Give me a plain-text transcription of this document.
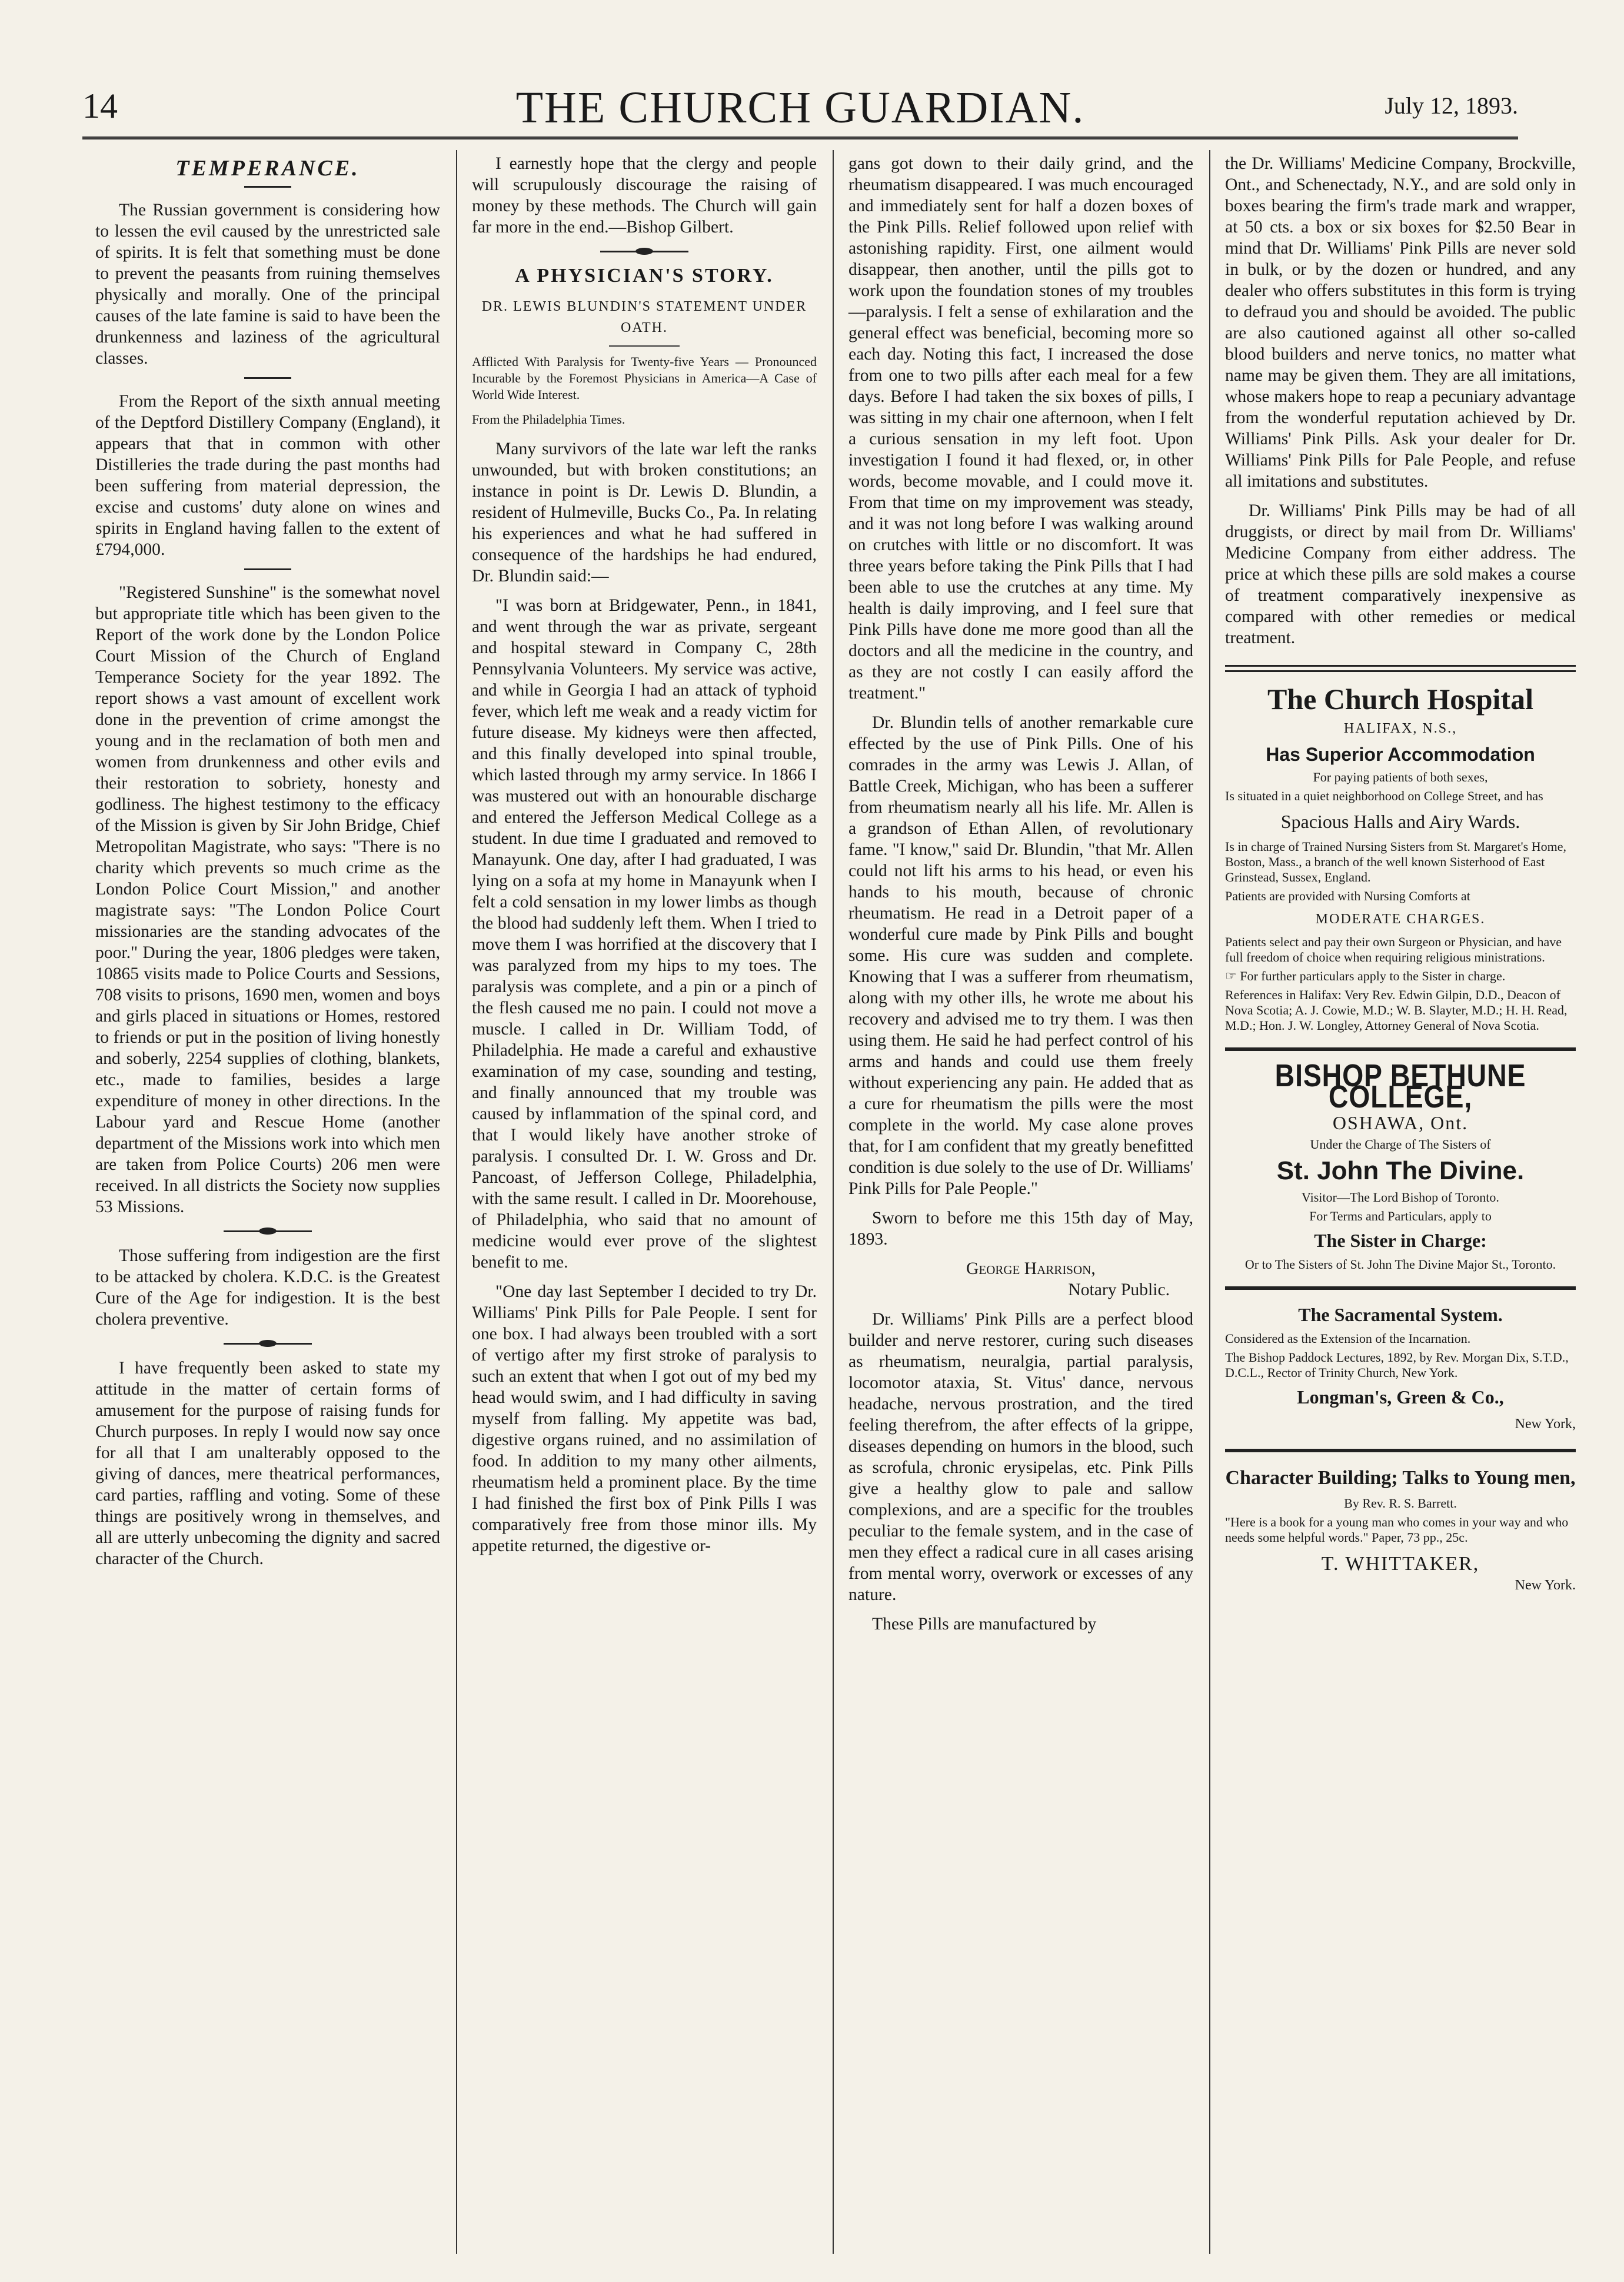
14	THE CHURCH GUARDIAN.	July 12, 1893.
TEMPERANCE.

The Russian government is considering how to lessen the evil caused by the unrestricted sale of spirits. It is felt that something must be done to prevent the peasants from ruining themselves physically and morally. One of the principal causes of the late famine is said to have been the drunkenness and laziness of the agricultural classes.

From the Report of the sixth annual meeting of the Deptford Distillery Company (England), it appears that that in common with other Distilleries the trade during the past months had been suffering from material depression, the excise and customs' duty alone on wines and spirits in England having fallen to the extent of £794,000.

"Registered Sunshine" is the somewhat novel but appropriate title which has been given to the Report of the work done by the London Police Court Mission of the Church of England Temperance Society for the year 1892. The report shows a vast amount of excellent work done in the prevention of crime amongst the young and in the reclamation of both men and women from drunkenness and other evils and their restoration to sobriety, honesty and godliness. The highest testimony to the efficacy of the Mission is given by Sir John Bridge, Chief Metropolitan Magistrate, who says: "There is no charity which prevents so much crime as the London Police Court Mission," and another magistrate says: "The London Police Court missionaries are the standing advocates of the poor." During the year, 1806 pledges were taken, 10865 visits made to Police Courts and Sessions, 708 visits to prisons, 1690 men, women and boys and girls placed in situations or Homes, restored to friends or put in the position of living honestly and soberly, 2254 supplies of clothing, blankets, etc., made to families, besides a large expenditure of money in other directions. In the Labour yard and Rescue Home (another department of the Missions work into which men are taken from Police Courts) 206 men were received. In all districts the Society now supplies 53 Missions.

Those suffering from indigestion are the first to be attacked by cholera. K.D.C. is the Greatest Cure of the Age for indigestion. It is the best cholera preventive.

I have frequently been asked to state my attitude in the matter of certain forms of amusement for the purpose of raising funds for Church purposes. In reply I would now say once for all that I am unalterably opposed to the giving of dances, mere theatrical performances, card parties, raffling and voting. Some of these things are positively wrong in themselves, and all are utterly unbecoming the dignity and sacred character of the Church.

I earnestly hope that the clergy and people will scrupulously discourage the raising of money by these methods. The Church will gain far more in the end.—Bishop Gilbert.

A PHYSICIAN'S STORY.
DR. LEWIS BLUNDIN'S STATEMENT UNDER OATH.

Afflicted With Paralysis for Twenty-five Years — Pronounced Incurable by the Foremost Physicians in America—A Case of World Wide Interest.

From the Philadelphia Times.

Many survivors of the late war left the ranks unwounded, but with broken constitutions; an instance in point is Dr. Lewis D. Blundin, a resident of Hulmeville, Bucks Co., Pa. In relating his experiences and what he had suffered in consequence of the hardships he had endured, Dr. Blundin said:—

"I was born at Bridgewater, Penn., in 1841, and went through the war as private, sergeant and hospital steward in Company C, 28th Pennsylvania Volunteers. My service was active, and while in Georgia I had an attack of typhoid fever, which left me weak and a ready victim for future disease. My kidneys were then affected, and this finally developed into spinal trouble, which lasted through my army service. In 1866 I was mustered out with an honourable discharge and entered the Jefferson Medical College as a student. In due time I graduated and removed to Manayunk. One day, after I had graduated, I was lying on a sofa at my home in Manayunk when I felt a cold sensation in my lower limbs as though the blood had suddenly left them. When I tried to move them I was horrified at the discovery that I was paralyzed from my hips to my toes. The paralysis was complete, and a pin or a pinch of the flesh caused me no pain. I could not move a muscle. I called in Dr. William Todd, of Philadelphia. He made a careful and exhaustive examination of my case, sounding and testing, and finally announced that my trouble was caused by inflammation of the spinal cord, and that I would likely have another stroke of paralysis. I consulted Dr. I. W. Gross and Dr. Pancoast, of Jefferson College, Philadelphia, with the same result. I called in Dr. Moorehouse, of Philadelphia, who said that no amount of medicine would ever prove of the slightest benefit to me.

"One day last September I decided to try Dr. Williams' Pink Pills for Pale People. I sent for one box. I had always been troubled with a sort of vertigo after my first stroke of paralysis to such an extent that when I got out of my bed my head would swim, and I had difficulty in saving myself from falling. My appetite was bad, digestive organs ruined, and no assimilation of food. In addition to my many other ailments, rheumatism held a prominent place. By the time I had finished the first box of Pink Pills I was comparatively free from those minor ills. My appetite returned, the digestive or-

gans got down to their daily grind, and the rheumatism disappeared. I was much encouraged and immediately sent for half a dozen boxes of the Pink Pills. Relief followed upon relief with astonishing rapidity. First, one ailment would disappear, then another, until the pills got to work upon the foundation stones of my troubles—paralysis. I felt a sense of exhilaration and the general effect was beneficial, becoming more so each day. Noting this fact, I increased the dose from one to two pills after each meal for a few days. Before I had taken the six boxes of pills, I was sitting in my chair one afternoon, when I felt a curious sensation in my left foot. Upon investigation I found it had flexed, or, in other words, become movable, and I could move it. From that time on my improvement was steady, and it was not long before I was walking around on crutches with little or no discomfort. It was three years before taking the Pink Pills that I had been able to use the crutches at any time. My health is daily improving, and I feel sure that Pink Pills have done me more good than all the doctors and all the medicine in the country, and as they are not costly I can easily afford the treatment."

Dr. Blundin tells of another remarkable cure effected by the use of Pink Pills. One of his comrades in the army was Lewis J. Allan, of Battle Creek, Michigan, who has been a sufferer from rheumatism nearly all his life. Mr. Allen is a grandson of Ethan Allen, of revolutionary fame. "I know," said Dr. Blundin, "that Mr. Allen could not lift his arms to his head, or even his hands to his mouth, because of chronic rheumatism. He read in a Detroit paper of a wonderful cure made by Pink Pills and bought some. His cure was sudden and complete. Knowing that I was a sufferer from rheumatism, along with my other ills, he wrote me about his recovery and advised me to try them. I was then using them. He said he had perfect control of his arms and hands and could use them freely without experiencing any pain. He added that as a cure for rheumatism the pills were the most complete in the world. My case alone proves that, for I am confident that my greatly benefitted condition is due solely to the use of Dr. Williams' Pink Pills for Pale People."

Sworn to before me this 15th day of May, 1893.

George Harrison,

Notary Public.

Dr. Williams' Pink Pills are a perfect blood builder and nerve restorer, curing such diseases as rheumatism, neuralgia, partial paralysis, locomotor ataxia, St. Vitus' dance, nervous headache, nervous prostration, and the tired feeling therefrom, the after effects of la grippe, diseases depending on humors in the blood, such as scrofula, chronic erysipelas, etc. Pink Pills give a healthy glow to pale and sallow complexions, and are a specific for the troubles peculiar to the female system, and in the case of men they effect a radical cure in all cases arising from mental worry, overwork or excesses of any nature.

These Pills are manufactured by

the Dr. Williams' Medicine Company, Brockville, Ont., and Schenectady, N.Y., and are sold only in boxes bearing the firm's trade mark and wrapper, at 50 cts. a box or six boxes for $2.50 Bear in mind that Dr. Williams' Pink Pills are never sold in bulk, or by the dozen or hundred, and any dealer who offers substitutes in this form is trying to defraud you and should be avoided. The public are also cautioned against all other so-called blood builders and nerve tonics, no matter what name may be given them. They are all imitations, whose makers hope to reap a pecuniary advantage from the wonderful reputation achieved by Dr. Williams' Pink Pills. Ask your dealer for Dr. Williams' Pink Pills for Pale People, and refuse all imitations and substitutes.

Dr. Williams' Pink Pills may be had of all druggists, or direct by mail from Dr. Williams' Medicine Company from either address. The price at which these pills are sold makes a course of treatment comparatively inexpensive as compared with other remedies or medical treatment.

The Church Hospital
HALIFAX, N.S.,
Has Superior Accommodation
For paying patients of both sexes,
Is situated in a quiet neighborhood on College Street, and has
Spacious Halls and Airy Wards.
Is in charge of Trained Nursing Sisters from St. Margaret's Home, Boston, Mass., a branch of the well known Sisterhood of East Grinstead, Sussex, England.
Patients are provided with Nursing Comforts at
MODERATE CHARGES.
Patients select and pay their own Surgeon or Physician, and have full freedom of choice when requiring religious ministrations.
☞ For further particulars apply to the Sister in charge.
References in Halifax: Very Rev. Edwin Gilpin, D.D., Deacon of Nova Scotia; A. J. Cowie, M.D.; W. B. Slayter, M.D.; H. H. Read, M.D.; Hon. J. W. Longley, Attorney General of Nova Scotia.
BISHOP BETHUNE COLLEGE,
OSHAWA, Ont.
Under the Charge of The Sisters of
St. John The Divine.
Visitor—The Lord Bishop of Toronto.
For Terms and Particulars, apply to
The Sister in Charge:
Or to The Sisters of St. John The Divine Major St., Toronto.
The Sacramental System.
Considered as the Extension of the Incarnation.
The Bishop Paddock Lectures, 1892, by Rev. Morgan Dix, S.T.D., D.C.L., Rector of Trinity Church, New York.
Longman's, Green & Co.,
New York,
Character Building; Talks to Young men,
By Rev. R. S. Barrett.
"Here is a book for a young man who comes in your way and who needs some helpful words." Paper, 73 pp., 25c.
T. WHITTAKER,
New York.
